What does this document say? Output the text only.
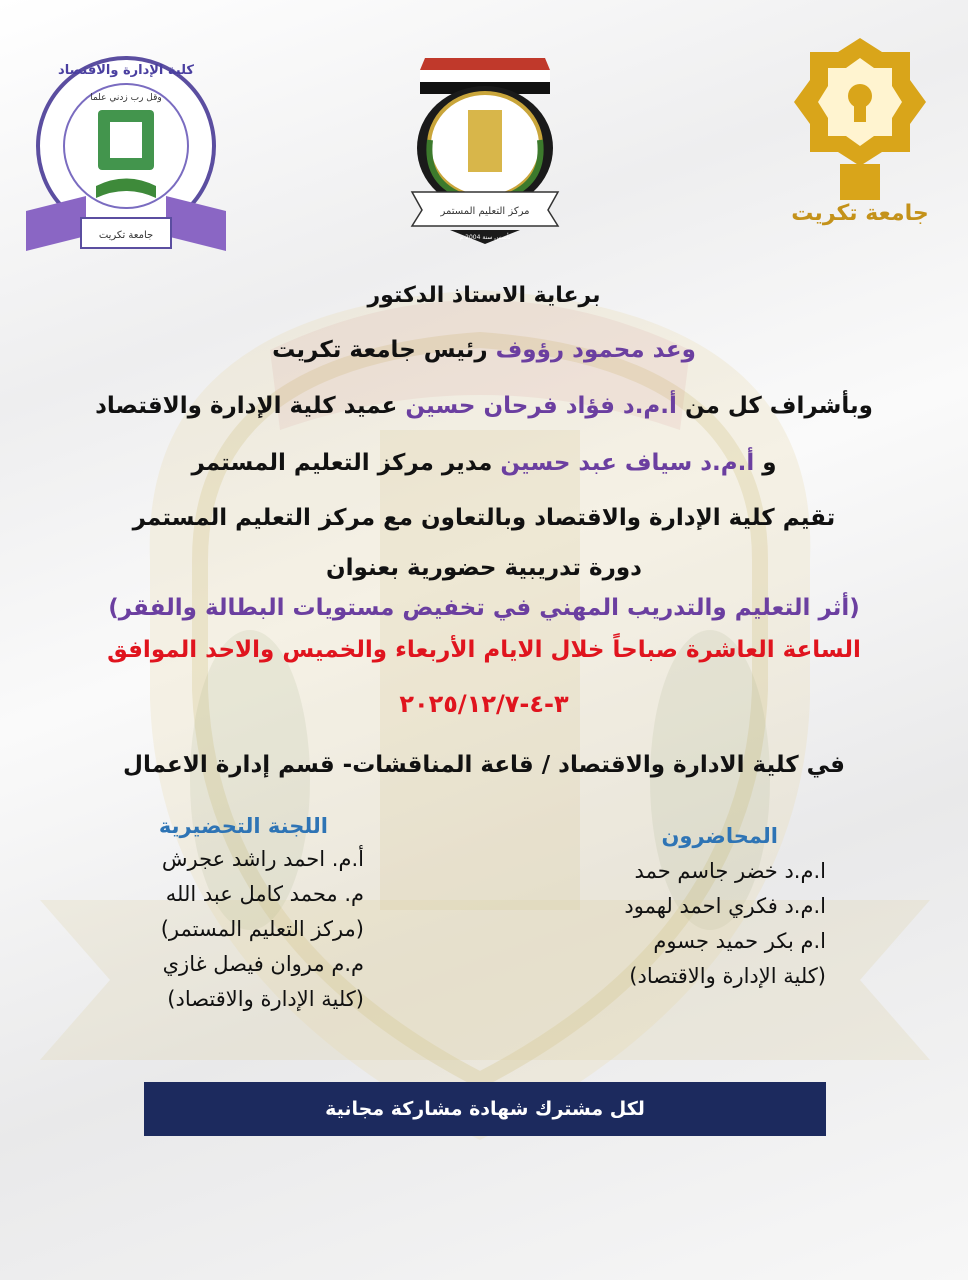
جامعة تكريت
كلية الإدارة والاقتصاد
وقل رب زدني علما
مركز التعليم المستمر
تأسس سنة 2004 م
جامعة تكريت
برعاية الاستاذ الدكتور
وعد محمود رؤوف رئيس جامعة تكريت
وبأشراف كل من أ.م.د فؤاد فرحان حسين عميد كلية الإدارة والاقتصاد
و أ.م.د سياف عبد حسين مدير مركز التعليم المستمر
تقيم كلية الإدارة والاقتصاد وبالتعاون مع مركز التعليم المستمر
دورة تدريبية حضورية بعنوان
(أثر التعليم والتدريب المهني في تخفيض مستويات البطالة والفقر)
الساعة العاشرة صباحاً خلال الايام الأربعاء والخميس والاحد الموافق
٣-٤-٢٠٢٥/١٢/٧
في كلية الادارة والاقتصاد / قاعة المناقشات- قسم إدارة الاعمال
اللجنة التحضيرية
أ.م. احمد راشد عجرش
م. محمد كامل عبد الله
(مركز التعليم المستمر)
م.م مروان فيصل غازي
(كلية الإدارة والاقتصاد)
المحاضرون
ا.م.د خضر جاسم حمد
ا.م.د فكري احمد لهمود
ا.م بكر حميد جسوم
(كلية الإدارة والاقتصاد)
لكل مشترك شهادة مشاركة مجانية
